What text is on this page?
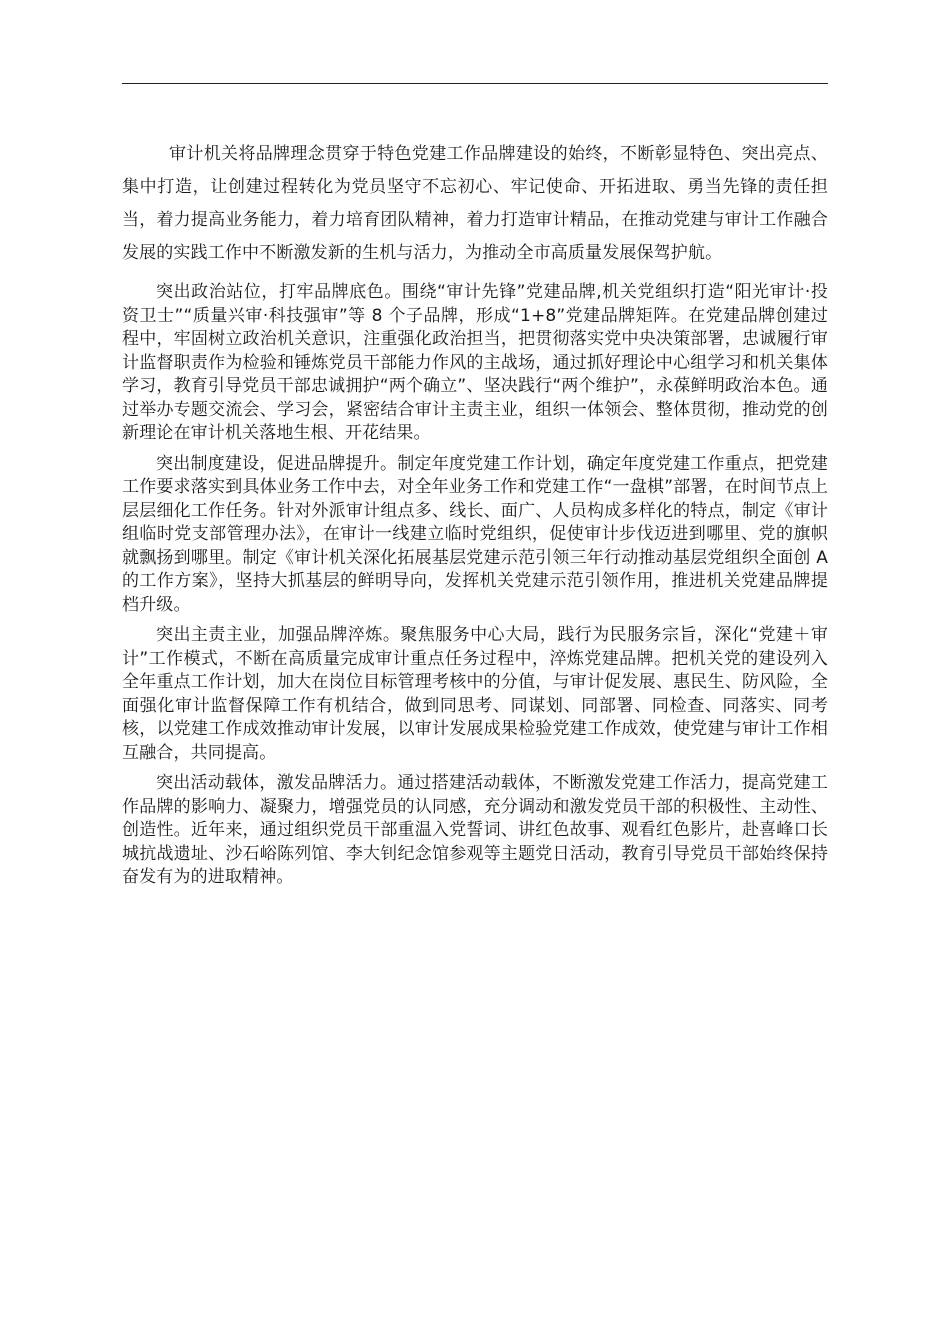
审计机关将品牌理念贯穿于特色党建工作品牌建设的始终，不断彰显特色、突出亮点、集中打造，让创建过程转化为党员坚守不忘初心、牢记使命、开拓进取、勇当先锋的责任担当，着力提高业务能力，着力培育团队精神，着力打造审计精品，在推动党建与审计工作融合发展的实践工作中不断激发新的生机与活力，为推动全市高质量发展保驾护航。

突出政治站位，打牢品牌底色。围绕“审计先锋”党建品牌,机关党组织打造“阳光审计·投资卫士”“质量兴审·科技强审”等 8 个子品牌，形成“1+8”党建品牌矩阵。在党建品牌创建过程中，牢固树立政治机关意识，注重强化政治担当，把贯彻落实党中央决策部署，忠诚履行审计监督职责作为检验和锤炼党员干部能力作风的主战场，通过抓好理论中心组学习和机关集体学习，教育引导党员干部忠诚拥护“两个确立”、坚决践行“两个维护”，永葆鲜明政治本色。通过举办专题交流会、学习会，紧密结合审计主责主业，组织一体领会、整体贯彻，推动党的创新理论在审计机关落地生根、开花结果。

突出制度建设，促进品牌提升。制定年度党建工作计划，确定年度党建工作重点，把党建工作要求落实到具体业务工作中去，对全年业务工作和党建工作“一盘棋”部署，在时间节点上层层细化工作任务。针对外派审计组点多、线长、面广、人员构成多样化的特点，制定《审计组临时党支部管理办法》，在审计一线建立临时党组织，促使审计步伐迈进到哪里、党的旗帜就飘扬到哪里。制定《审计机关深化拓展基层党建示范引领三年行动推动基层党组织全面创 A 的工作方案》，坚持大抓基层的鲜明导向，发挥机关党建示范引领作用，推进机关党建品牌提档升级。

突出主责主业，加强品牌淬炼。聚焦服务中心大局，践行为民服务宗旨，深化“党建＋审计”工作模式，不断在高质量完成审计重点任务过程中，淬炼党建品牌。把机关党的建设列入全年重点工作计划，加大在岗位目标管理考核中的分值，与审计促发展、惠民生、防风险，全面强化审计监督保障工作有机结合，做到同思考、同谋划、同部署、同检查、同落实、同考核，以党建工作成效推动审计发展，以审计发展成果检验党建工作成效，使党建与审计工作相互融合，共同提高。

突出活动载体，激发品牌活力。通过搭建活动载体，不断激发党建工作活力，提高党建工作品牌的影响力、凝聚力，增强党员的认同感，充分调动和激发党员干部的积极性、主动性、创造性。近年来，通过组织党员干部重温入党誓词、讲红色故事、观看红色影片，赴喜峰口长城抗战遗址、沙石峪陈列馆、李大钊纪念馆参观等主题党日活动，教育引导党员干部始终保持奋发有为的进取精神。
